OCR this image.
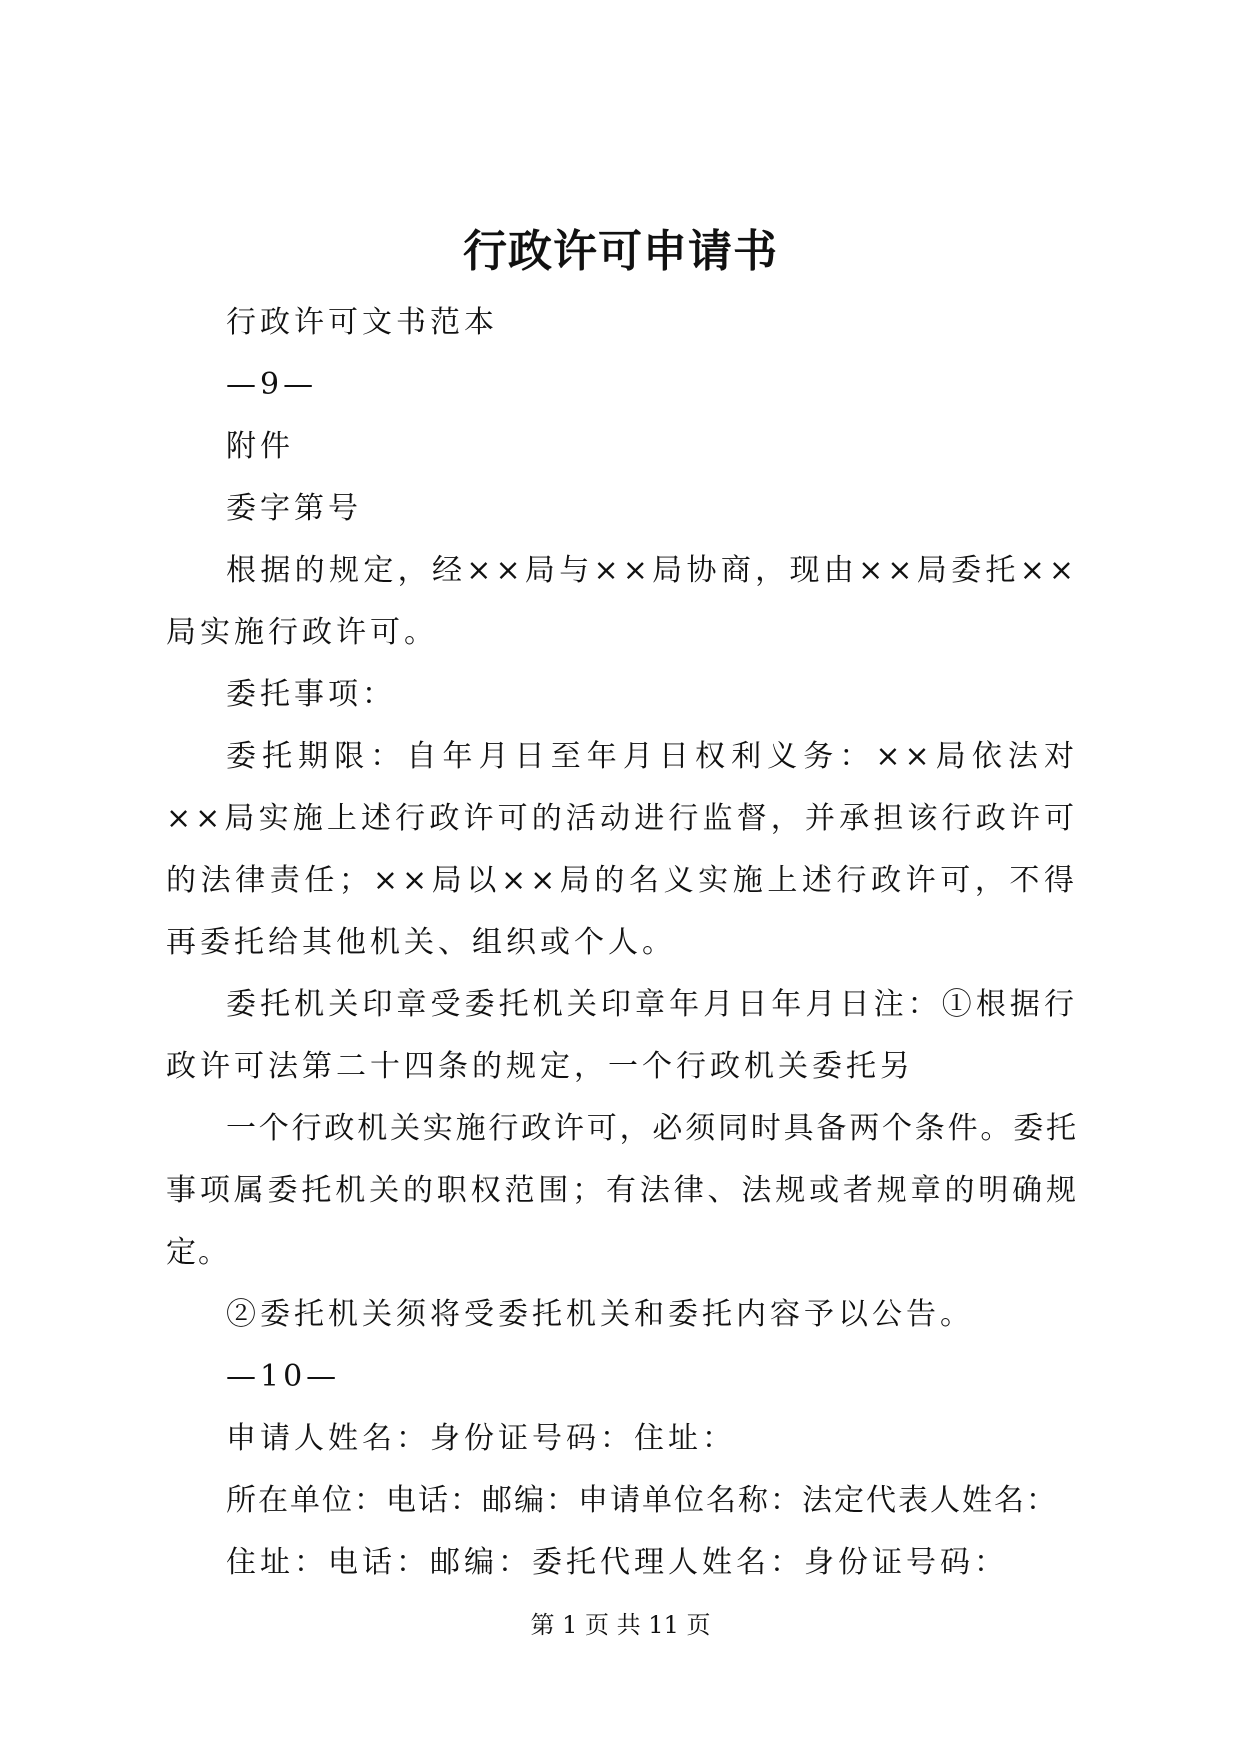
行政许可申请书

行政许可文书范本

—9—

附件

委字第号

根据的规定，经××局与××局协商，现由××局委托××局实施行政许可。

委托事项：

委托期限：自年月日至年月日权利义务：××局依法对××局实施上述行政许可的活动进行监督，并承担该行政许可的法律责任；××局以××局的名义实施上述行政许可，不得再委托给其他机关、组织或个人。

委托机关印章受委托机关印章年月日年月日注：①根据行政许可法第二十四条的规定，一个行政机关委托另

一个行政机关实施行政许可，必须同时具备两个条件。委托事项属委托机关的职权范围；有法律、法规或者规章的明确规定。

②委托机关须将受委托机关和委托内容予以公告。

—10—

申请人姓名：身份证号码：住址：

所在单位：电话：邮编：申请单位名称：法定代表人姓名：

住址：电话：邮编：委托代理人姓名：身份证号码：

第 1 页 共 11 页
